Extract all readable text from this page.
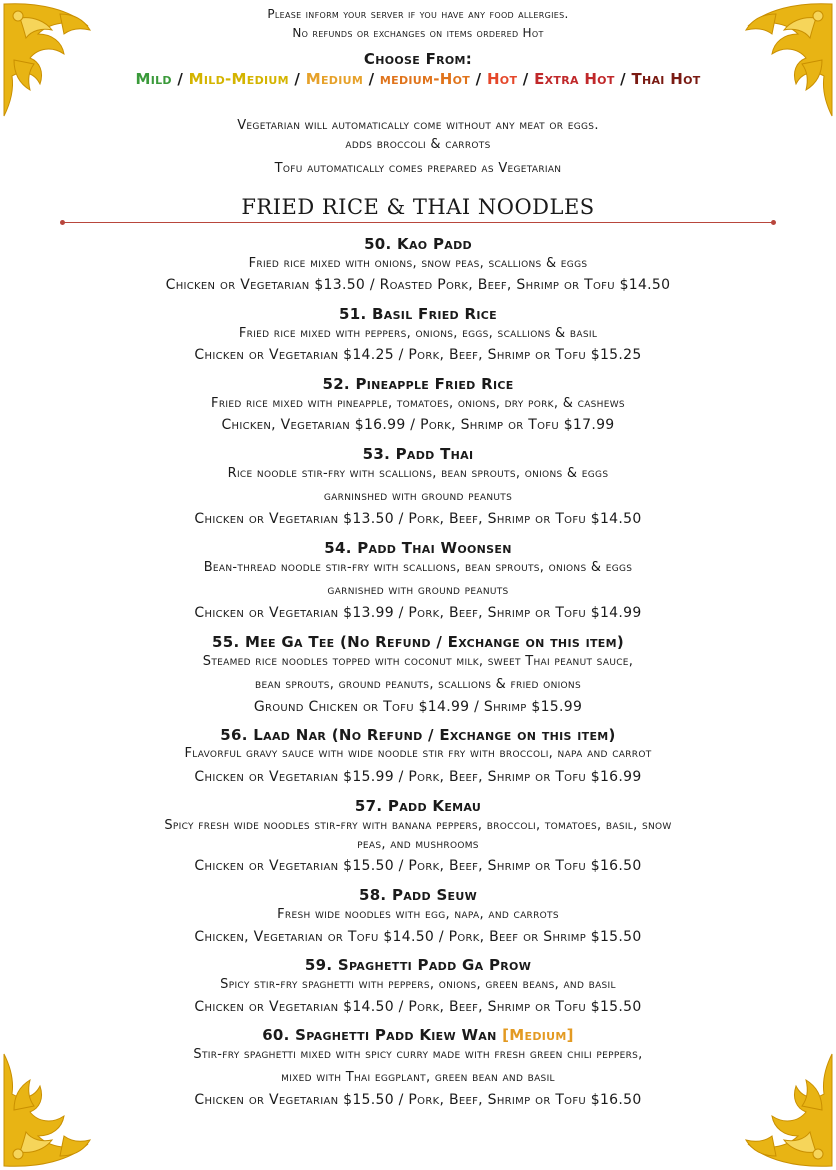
Please inform your server if you have any food allergies.
No refunds or exchanges on items ordered Hot
Choose From:
Mild / Mild-Medium / Medium / medium-Hot / Hot / Extra Hot / Thai Hot
Vegetarian will automatically come without any meat or eggs.
adds broccoli & carrots
Tofu automatically comes prepared as Vegetarian
FRIED RICE & THAI NOODLES
50. Kao Padd
Fried rice mixed with onions, snow peas, scallions & eggs
Chicken or Vegetarian $13.50 / Roasted Pork, Beef, Shrimp or Tofu $14.50
51. Basil Fried Rice
Fried rice mixed with peppers, onions, eggs, scallions & basil
Chicken or Vegetarian $14.25 / Pork, Beef, Shrimp or Tofu $15.25
52. Pineapple Fried Rice
Fried rice mixed with pineapple, tomatoes, onions, dry pork, & cashews
Chicken, Vegetarian $16.99 / Pork, Shrimp or Tofu $17.99
53. Padd Thai
Rice noodle stir-fry with scallions, bean sprouts, onions & eggs
garninshed with ground peanuts
Chicken or Vegetarian $13.50 / Pork, Beef, Shrimp or Tofu $14.50
54. Padd Thai Woonsen
Bean-thread noodle stir-fry with scallions, bean sprouts, onions & eggs
garnished with ground peanuts
Chicken or Vegetarian $13.99 / Pork, Beef, Shrimp or Tofu $14.99
55. Mee Ga Tee (No Refund / Exchange on this item)
Steamed rice noodles topped with coconut milk, sweet Thai peanut sauce,
bean sprouts, ground peanuts, scallions & fried onions
Ground Chicken or Tofu $14.99 / Shrimp $15.99
56. Laad Nar (No Refund / Exchange on this item)
Flavorful gravy sauce with wide noodle stir fry with broccoli, napa and carrot
Chicken or Vegetarian $15.99 / Pork, Beef, Shrimp or Tofu $16.99
57. Padd Kemau
Spicy fresh wide noodles stir-fry with banana peppers, broccoli, tomatoes, basil, snow
peas, and mushrooms
Chicken or Vegetarian $15.50 / Pork, Beef, Shrimp or Tofu $16.50
58. Padd Seuw
Fresh wide noodles with egg, napa, and carrots
Chicken, Vegetarian or Tofu $14.50 / Pork, Beef or Shrimp $15.50
59. Spaghetti Padd Ga Prow
Spicy stir-fry spaghetti with peppers, onions, green beans, and basil
Chicken or Vegetarian $14.50 / Pork, Beef, Shrimp or Tofu $15.50
60. Spaghetti Padd Kiew Wan [Medium]
Stir-fry spaghetti mixed with spicy curry made with fresh green chili peppers,
mixed with Thai eggplant, green bean and basil
Chicken or Vegetarian $15.50 / Pork, Beef, Shrimp or Tofu $16.50
